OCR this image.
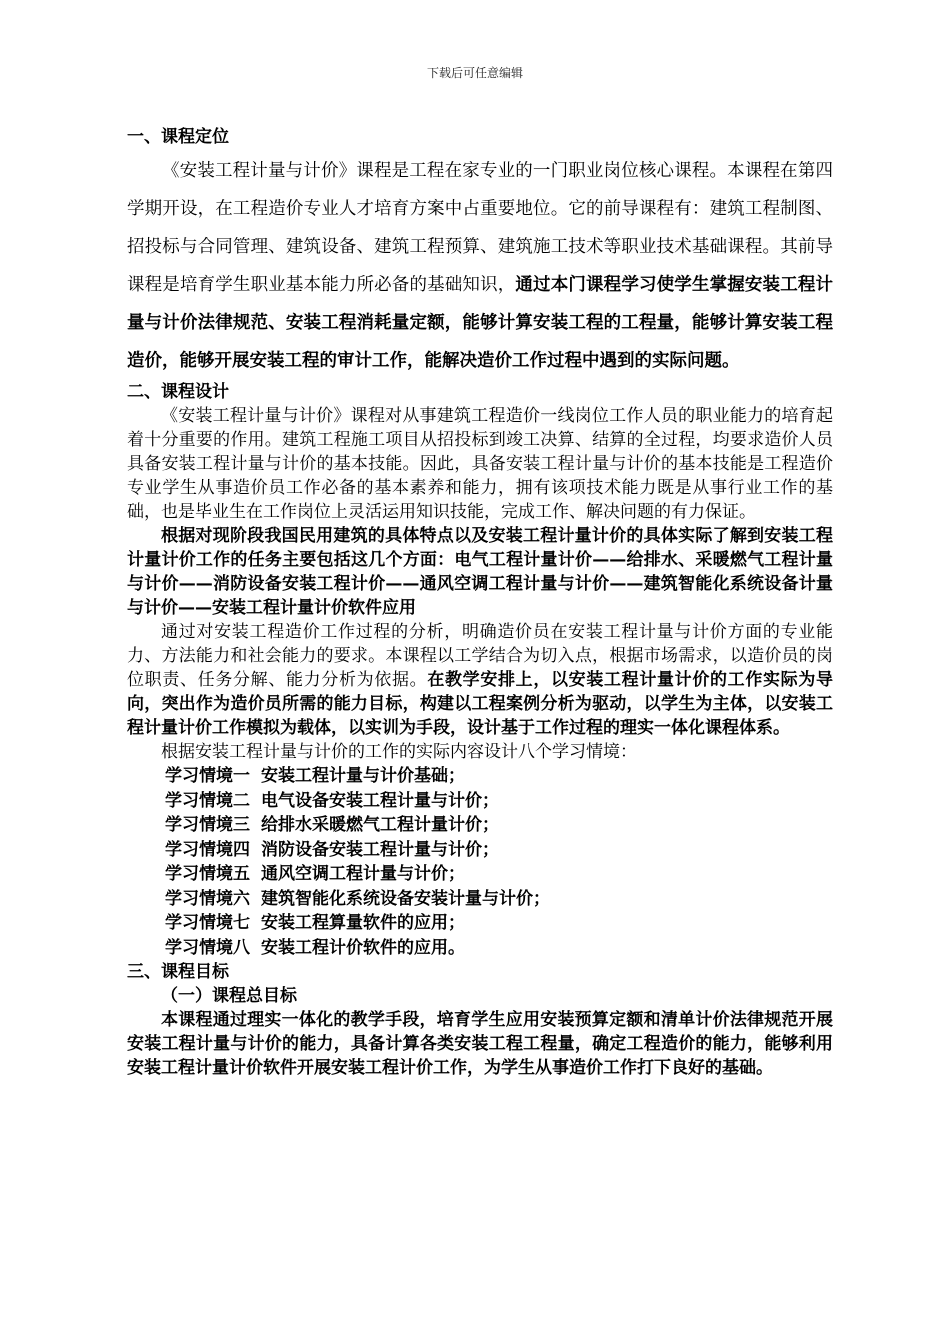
下载后可任意编辑
一、课程定位

《安装工程计量与计价》课程是工程在家专业的一门职业岗位核心课程。本课程在第四学期开设，在工程造价专业人才培育方案中占重要地位。它的前导课程有：建筑工程制图、招投标与合同管理、建筑设备、建筑工程预算、建筑施工技术等职业技术基础课程。其前导课程是培育学生职业基本能力所必备的基础知识，通过本门课程学习使学生掌握安装工程计量与计价法律规范、安装工程消耗量定额，能够计算安装工程的工程量，能够计算安装工程造价，能够开展安装工程的审计工作，能解决造价工作过程中遇到的实际问题。

二、课程设计

《安装工程计量与计价》课程对从事建筑工程造价一线岗位工作人员的职业能力的培育起着十分重要的作用。建筑工程施工项目从招投标到竣工决算、结算的全过程，均要求造价人员具备安装工程计量与计价的基本技能。因此，具备安装工程计量与计价的基本技能是工程造价专业学生从事造价员工作必备的基本素养和能力，拥有该项技术能力既是从事行业工作的基础，也是毕业生在工作岗位上灵活运用知识技能，完成工作、解决问题的有力保证。

根据对现阶段我国民用建筑的具体特点以及安装工程计量计价的具体实际了解到安装工程计量计价工作的任务主要包括这几个方面：电气工程计量计价——给排水、采暖燃气工程计量与计价——消防设备安装工程计价——通风空调工程计量与计价——建筑智能化系统设备计量与计价——安装工程计量计价软件应用

通过对安装工程造价工作过程的分析，明确造价员在安装工程计量与计价方面的专业能力、方法能力和社会能力的要求。本课程以工学结合为切入点，根据市场需求，以造价员的岗位职责、任务分解、能力分析为依据。在教学安排上，以安装工程计量计价的工作实际为导向，突出作为造价员所需的能力目标，构建以工程案例分析为驱动，以学生为主体，以安装工程计量计价工作模拟为载体，以实训为手段，设计基于工作过程的理实一体化课程体系。

根据安装工程计量与计价的工作的实际内容设计八个学习情境：

学习情境一 安装工程计量与计价基础；
学习情境二 电气设备安装工程计量与计价；
学习情境三 给排水采暖燃气工程计量计价；
学习情境四 消防设备安装工程计量与计价；
学习情境五 通风空调工程计量与计价；
学习情境六 建筑智能化系统设备安装计量与计价；
学习情境七 安装工程算量软件的应用；
学习情境八 安装工程计价软件的应用。
三、课程目标
（一）课程总目标

本课程通过理实一体化的教学手段，培育学生应用安装预算定额和清单计价法律规范开展安装工程计量与计价的能力，具备计算各类安装工程工程量，确定工程造价的能力，能够利用安装工程计量计价软件开展安装工程计价工作，为学生从事造价工作打下良好的基础。
